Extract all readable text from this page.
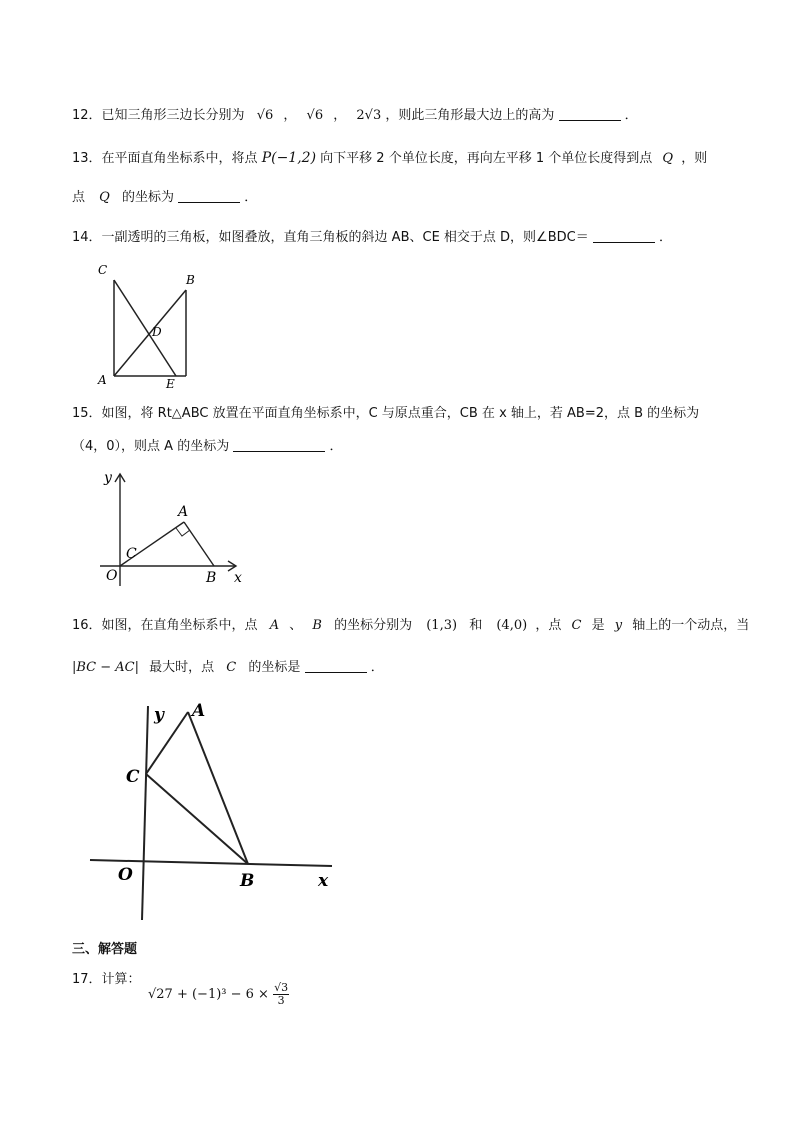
12．已知三角形三边长分别为 √6 ， √6 ， 2√3 ，则此三角形最大边上的高为	．
13．在平面直角坐标系中，将点 P(−1,2) 向下平移 2 个单位长度，再向左平移 1 个单位长度得到点 Q ，则
点 Q 的坐标为	．
14．一副透明的三角板，如图叠放，直角三角板的斜边 AB、CE 相交于点 D，则∠BDC＝	．
C
B
D
A	E
15．如图，将 Rt△ABC 放置在平面直角坐标系中，C 与原点重合，CB 在 x 轴上，若 AB=2，点 B 的坐标为
（4，0），则点 A 的坐标为	．
y
A
C
O	B x
16．如图，在直角坐标系中，点 A 、 B 的坐标分别为 (1,3) 和 (4,0) ，点 C 是 y 轴上的一个动点，当
|BC − AC| 最大时，点 C 的坐标是	．
y A
C
O	B	x
三、解答题
17．计算：
$√27 + (-1)^3 - 6 \times \frac{√3}{3}$
